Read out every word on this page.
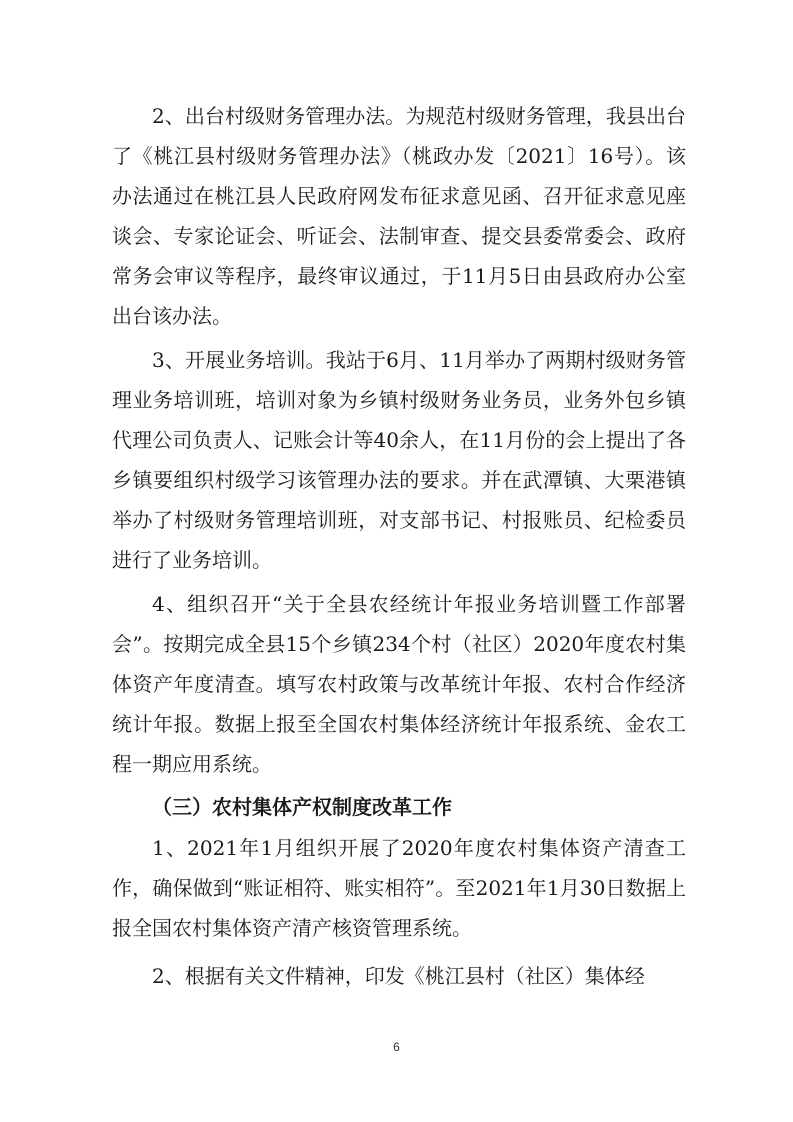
2、出台村级财务管理办法。为规范村级财务管理，我县出台了《桃江县村级财务管理办法》（桃政办发〔2021〕16号）。该办法通过在桃江县人民政府网发布征求意见函、召开征求意见座谈会、专家论证会、听证会、法制审查、提交县委常委会、政府常务会审议等程序，最终审议通过，于11月5日由县政府办公室出台该办法。

3、开展业务培训。我站于6月、11月举办了两期村级财务管理业务培训班，培训对象为乡镇村级财务业务员，业务外包乡镇代理公司负责人、记账会计等40余人，在11月份的会上提出了各乡镇要组织村级学习该管理办法的要求。并在武潭镇、大栗港镇举办了村级财务管理培训班，对支部书记、村报账员、纪检委员进行了业务培训。

4、组织召开“关于全县农经统计年报业务培训暨工作部署会”。按期完成全县15个乡镇234个村（社区）2020年度农村集体资产年度清查。填写农村政策与改革统计年报、农村合作经济统计年报。数据上报至全国农村集体经济统计年报系统、金农工程一期应用系统。

（三）农村集体产权制度改革工作

1、2021年1月组织开展了2020年度农村集体资产清查工作，确保做到“账证相符、账实相符”。至2021年1月30日数据上报全国农村集体资产清产核资管理系统。

2、根据有关文件精神，印发《桃江县村（社区）集体经

6
